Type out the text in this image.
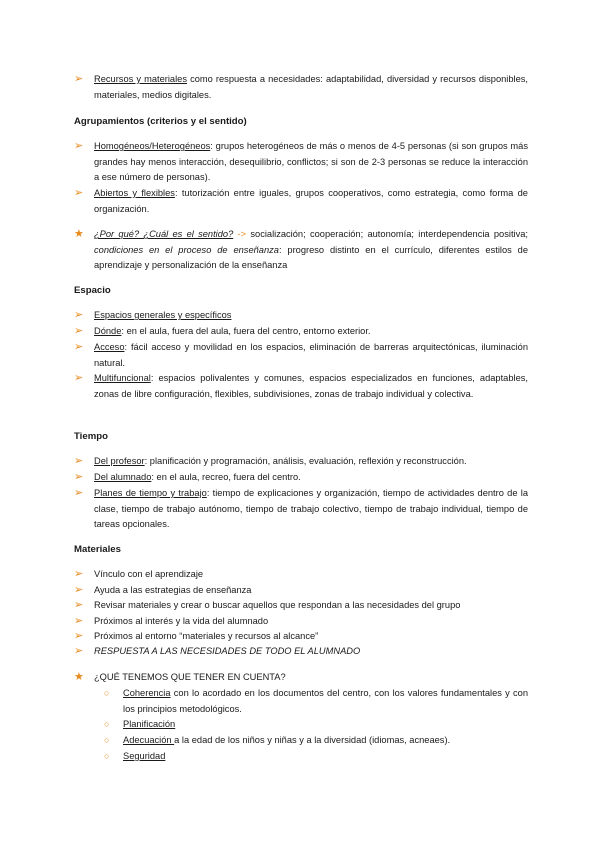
➢	Recursos y materiales como respuesta a necesidades: adaptabilidad, diversidad y recursos disponibles, materiales, medios digitales.
Agrupamientos (criterios y el sentido)
➢	Homogéneos/Heterogéneos: grupos heterogéneos de más o menos de 4-5 personas (si son grupos más grandes hay menos interacción, desequilibrio, conflictos; si son de 2-3 personas se reduce la interacción a ese número de personas).
➢	Abiertos y flexibles: tutorización entre iguales, grupos cooperativos, como estrategia, como forma de organización.
★	¿Por qué? ¿Cuál es el sentido? -> socialización; cooperación; autonomía; interdependencia positiva; condiciones en el proceso de enseñanza: progreso distinto en el currículo, diferentes estilos de aprendizaje y personalización de la enseñanza
Espacio
➢	Espacios generales y específicos
➢	Dónde: en el aula, fuera del aula, fuera del centro, entorno exterior.
➢	Acceso: fácil acceso y movilidad en los espacios, eliminación de barreras arquitectónicas, iluminación natural.
➢	Multifuncional: espacios polivalentes y comunes, espacios especializados en funciones, adaptables, zonas de libre configuración, flexibles, subdivisiones, zonas de trabajo individual y colectiva.
Tiempo
➢	Del profesor: planificación y programación, análisis, evaluación, reflexión y reconstrucción.
➢	Del alumnado: en el aula, recreo, fuera del centro.
➢	Planes de tiempo y trabajo: tiempo de explicaciones y organización, tiempo de actividades dentro de la clase, tiempo de trabajo autónomo, tiempo de trabajo colectivo, tiempo de trabajo individual, tiempo de tareas opcionales.
Materiales
➢	Vínculo con el aprendizaje
➢	Ayuda a las estrategias de enseñanza
➢	Revisar materiales y crear o buscar aquellos que respondan a las necesidades del grupo
➢	Próximos al interés y la vida del alumnado
➢	Próximos al entorno “materiales y recursos al alcance”
➢	RESPUESTA A LAS NECESIDADES DE TODO EL ALUMNADO
★	¿QUÉ TENEMOS QUE TENER EN CUENTA?
○	Coherencia con lo acordado en los documentos del centro, con los valores fundamentales y con los principios metodológicos.
○	Planificación
○	Adecuación a la edad de los niños y niñas y a la diversidad (idiomas, acneaes).
○	Seguridad
